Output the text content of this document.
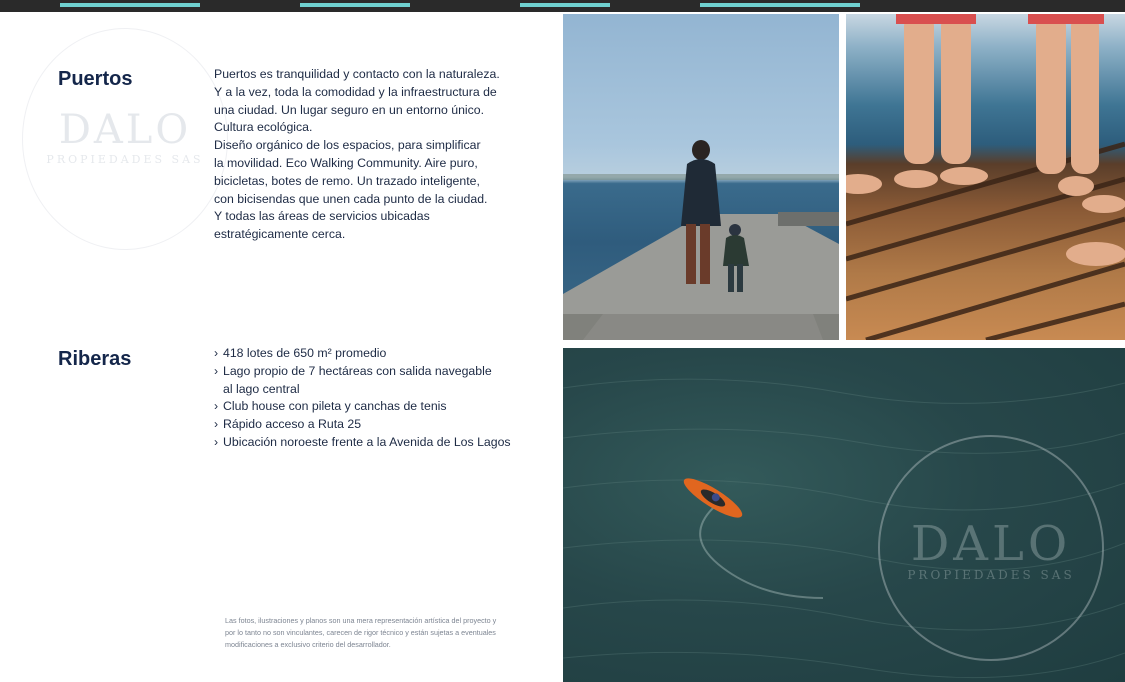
DALO
PROPIEDADES SAS
Puertos	Puertos es tranquilidad y contacto con la naturaleza.

Y a la vez, toda la comodidad y la infraestructura de

una ciudad. Un lugar seguro en un entorno único.

Cultura ecológica.

Diseño orgánico de los espacios, para simplificar

la movilidad. Eco Walking Community. Aire puro,

bicicletas, botes de remo. Un trazado inteligente,

con bicisendas que unen cada punto de la ciudad.

Y todas las áreas de servicios ubicadas

estratégicamente cerca.

Riberas
›	418 lotes de 650 m² promedio
› Lago propio de 7 hectáreas con salida navegable
al lago central
› Club house con pileta y canchas de tenis
› Rápido acceso a Ruta 25
› Ubicación noroeste frente a la Avenida de Los Lagos

Las fotos, ilustraciones y planos son una mera representación artística del proyecto y

por lo tanto no son vinculantes, carecen de rigor técnico y están sujetas a eventuales

modificaciones a exclusivo criterio del desarrollador.

DALO
PROPIEDADES SAS
